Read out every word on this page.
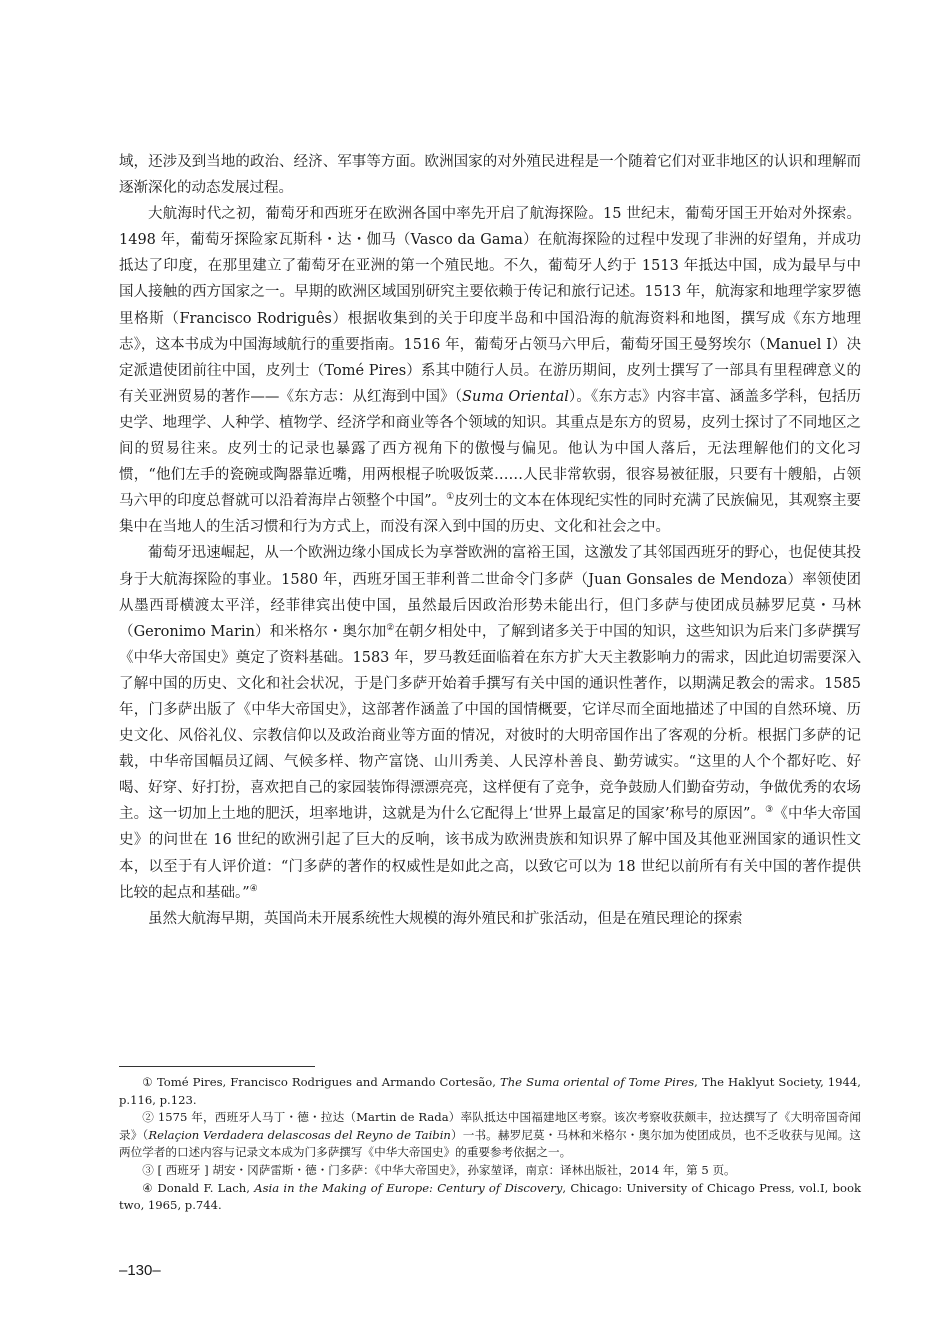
域，还涉及到当地的政治、经济、军事等方面。欧洲国家的对外殖民进程是一个随着它们对亚非地区的认识和理解而逐渐深化的动态发展过程。

大航海时代之初，葡萄牙和西班牙在欧洲各国中率先开启了航海探险。15 世纪末，葡萄牙国王开始对外探索。1498 年，葡萄牙探险家瓦斯科・达・伽马（Vasco da Gama）在航海探险的过程中发现了非洲的好望角，并成功抵达了印度，在那里建立了葡萄牙在亚洲的第一个殖民地。不久，葡萄牙人约于 1513 年抵达中国，成为最早与中国人接触的西方国家之一。早期的欧洲区域国别研究主要依赖于传记和旅行记述。1513 年，航海家和地理学家罗德里格斯（Francisco Rodriguês）根据收集到的关于印度半岛和中国沿海的航海资料和地图，撰写成《东方地理志》，这本书成为中国海域航行的重要指南。1516 年，葡萄牙占领马六甲后，葡萄牙国王曼努埃尔（Manuel Ⅰ）决定派遣使团前往中国，皮列士（Tomé Pires）系其中随行人员。在游历期间，皮列士撰写了一部具有里程碑意义的有关亚洲贸易的著作——《东方志：从红海到中国》（Suma Oriental）。《东方志》内容丰富、涵盖多学科，包括历史学、地理学、人种学、植物学、经济学和商业等各个领域的知识。其重点是东方的贸易，皮列士探讨了不同地区之间的贸易往来。皮列士的记录也暴露了西方视角下的傲慢与偏见。他认为中国人落后，无法理解他们的文化习惯，“他们左手的瓷碗或陶器靠近嘴，用两根棍子吮吸饭菜……人民非常软弱，很容易被征服，只要有十艘船，占领马六甲的印度总督就可以沿着海岸占领整个中国”。①皮列士的文本在体现纪实性的同时充满了民族偏见，其观察主要集中在当地人的生活习惯和行为方式上，而没有深入到中国的历史、文化和社会之中。

葡萄牙迅速崛起，从一个欧洲边缘小国成长为享誉欧洲的富裕王国，这激发了其邻国西班牙的野心，也促使其投身于大航海探险的事业。1580 年，西班牙国王菲利普二世命令门多萨（Juan Gonsales de Mendoza）率领使团从墨西哥横渡太平洋，经菲律宾出使中国，虽然最后因政治形势未能出行，但门多萨与使团成员赫罗尼莫・马林（Geronimo Marin）和米格尔・奥尔加②在朝夕相处中，了解到诸多关于中国的知识，这些知识为后来门多萨撰写《中华大帝国史》奠定了资料基础。1583 年，罗马教廷面临着在东方扩大天主教影响力的需求，因此迫切需要深入了解中国的历史、文化和社会状况，于是门多萨开始着手撰写有关中国的通识性著作，以期满足教会的需求。1585 年，门多萨出版了《中华大帝国史》，这部著作涵盖了中国的国情概要，它详尽而全面地描述了中国的自然环境、历史文化、风俗礼仪、宗教信仰以及政治商业等方面的情况，对彼时的大明帝国作出了客观的分析。根据门多萨的记载，中华帝国幅员辽阔、气候多样、物产富饶、山川秀美、人民淳朴善良、勤劳诚实。“这里的人个个都好吃、好喝、好穿、好打扮，喜欢把自己的家园装饰得漂漂亮亮，这样便有了竞争，竞争鼓励人们勤奋劳动，争做优秀的农场主。这一切加上土地的肥沃，坦率地讲，这就是为什么它配得上‘世界上最富足的国家’称号的原因”。③《中华大帝国史》的问世在 16 世纪的欧洲引起了巨大的反响，该书成为欧洲贵族和知识界了解中国及其他亚洲国家的通识性文本，以至于有人评价道：“门多萨的著作的权威性是如此之高，以致它可以为 18 世纪以前所有有关中国的著作提供比较的起点和基础。”④

虽然大航海早期，英国尚未开展系统性大规模的海外殖民和扩张活动，但是在殖民理论的探索

① Tomé Pires, Francisco Rodrigues and Armando Cortesão, The Suma oriental of Tome Pires, The Haklyut Society, 1944, p.116, p.123.

② 1575 年，西班牙人马丁・德・拉达（Martin de Rada）率队抵达中国福建地区考察。该次考察收获颇丰，拉达撰写了《大明帝国奇闻录》（Relaçion Verdadera delascosas del Reyno de Taibin）一书。赫罗尼莫・马林和米格尔・奥尔加为使团成员，也不乏收获与见闻。这两位学者的口述内容与记录文本成为门多萨撰写《中华大帝国史》的重要参考依据之一。

③ [ 西班牙 ] 胡安・冈萨雷斯・德・门多萨：《中华大帝国史》，孙家堃译，南京：译林出版社，2014 年，第 5 页。

④ Donald F. Lach, Asia in the Making of Europe: Century of Discovery, Chicago: University of Chicago Press, vol.I, book two, 1965, p.744.

–130–
